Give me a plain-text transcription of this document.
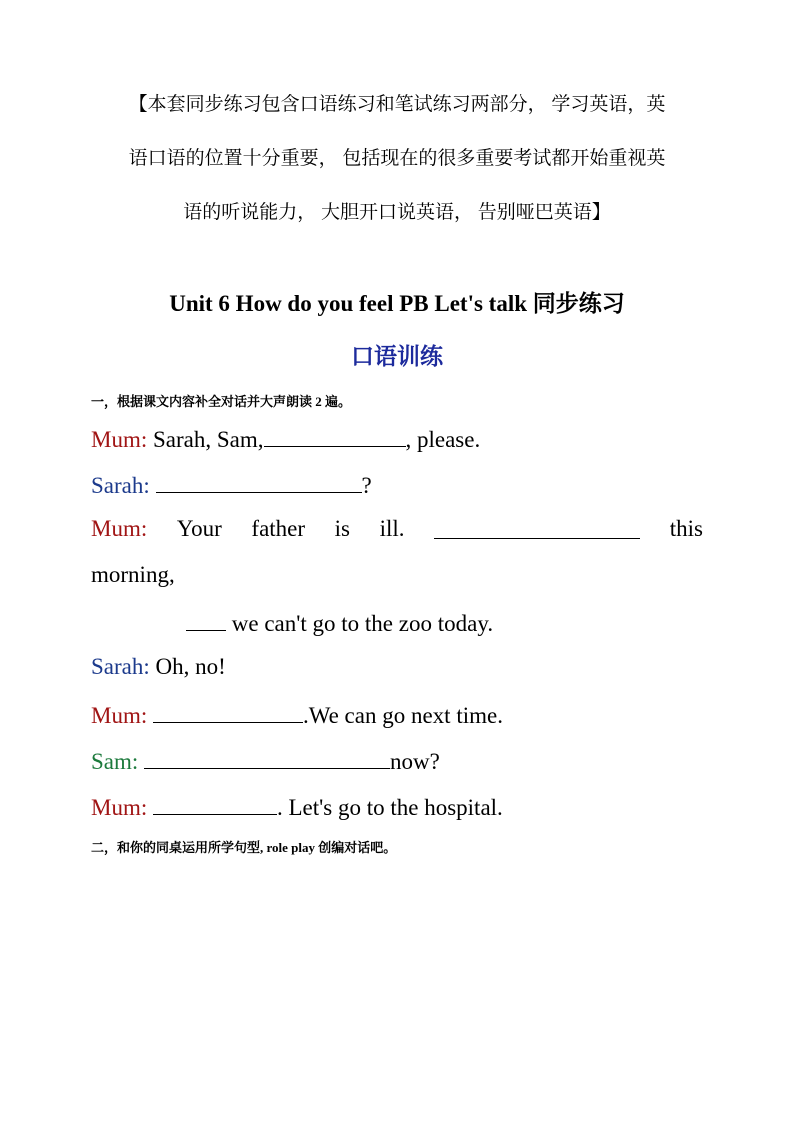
【本套同步练习包含口语练习和笔试练习两部分， 学习英语，英
语口语的位置十分重要， 包括现在的很多重要考试都开始重视英
语的听说能力， 大胆开口说英语， 告别哑巴英语】
Unit 6 How do you feel PB Let's talk 同步练习
口语训练
一，根据课文内容补全对话并大声朗读 2 遍。
Mum: Sarah, Sam,	, please.
Sarah:	?
Mum: Your father is ill.	this
morning,
we can't go to the zoo today.
Sarah: Oh, no!
Mum:	.We can go next time.
Sam:	now?
Mum:	. Let's go to the hospital.
二，和你的同桌运用所学句型, role play 创编对话吧。
